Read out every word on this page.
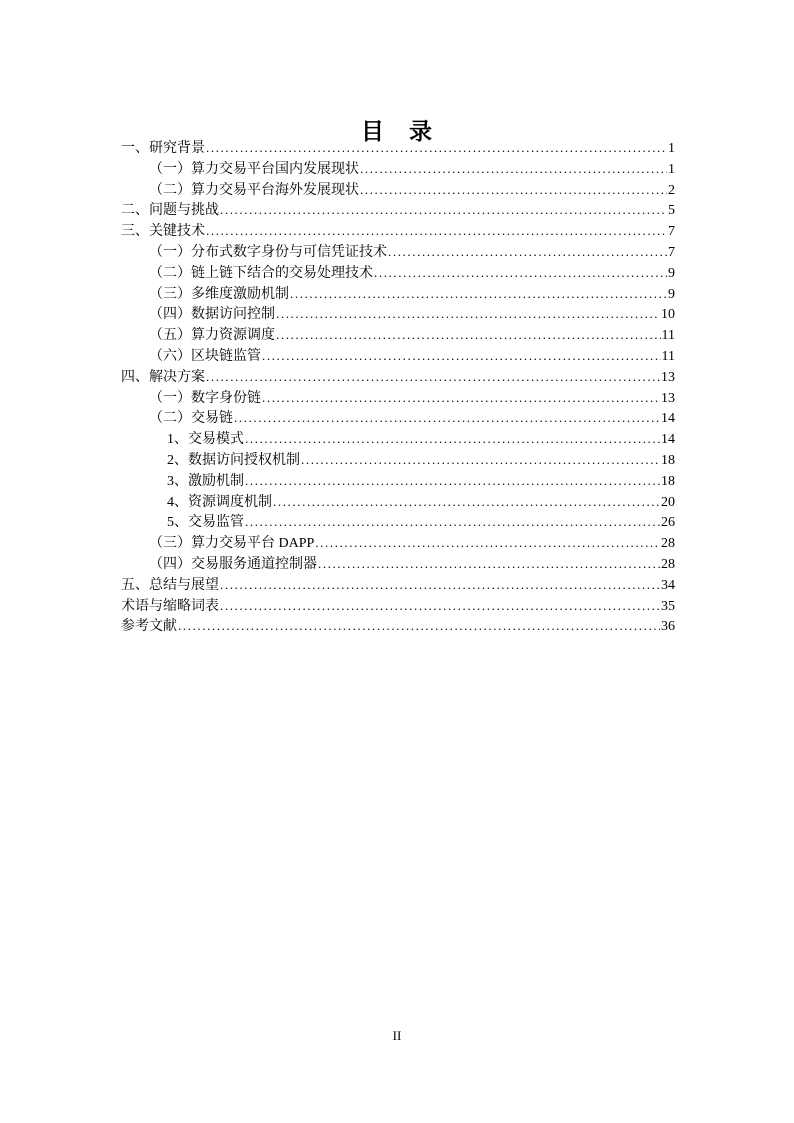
目　录
一、研究背景 .....	1
（一）算力交易平台国内发展现状 .....	1
（二）算力交易平台海外发展现状 .....	2
二、问题与挑战 .....	5
三、关键技术 .....	7
（一）分布式数字身份与可信凭证技术 .....	7
（二）链上链下结合的交易处理技术 .....	9
（三）多维度激励机制 .....	9
（四）数据访问控制 .....	10
（五）算力资源调度 .....	11
（六）区块链监管 .....	11
四、解决方案 .....	13
（一）数字身份链 .....	13
（二）交易链 .....	14
1、交易模式 .....	14
2、数据访问授权机制 .....	18
3、激励机制 .....	18
4、资源调度机制 .....	20
5、交易监管 .....	26
（三）算力交易平台 DAPP .....	28
（四）交易服务通道控制器 .....	28
五、总结与展望 .....	34
术语与缩略词表 .....	35
参考文献 .....	36
II
